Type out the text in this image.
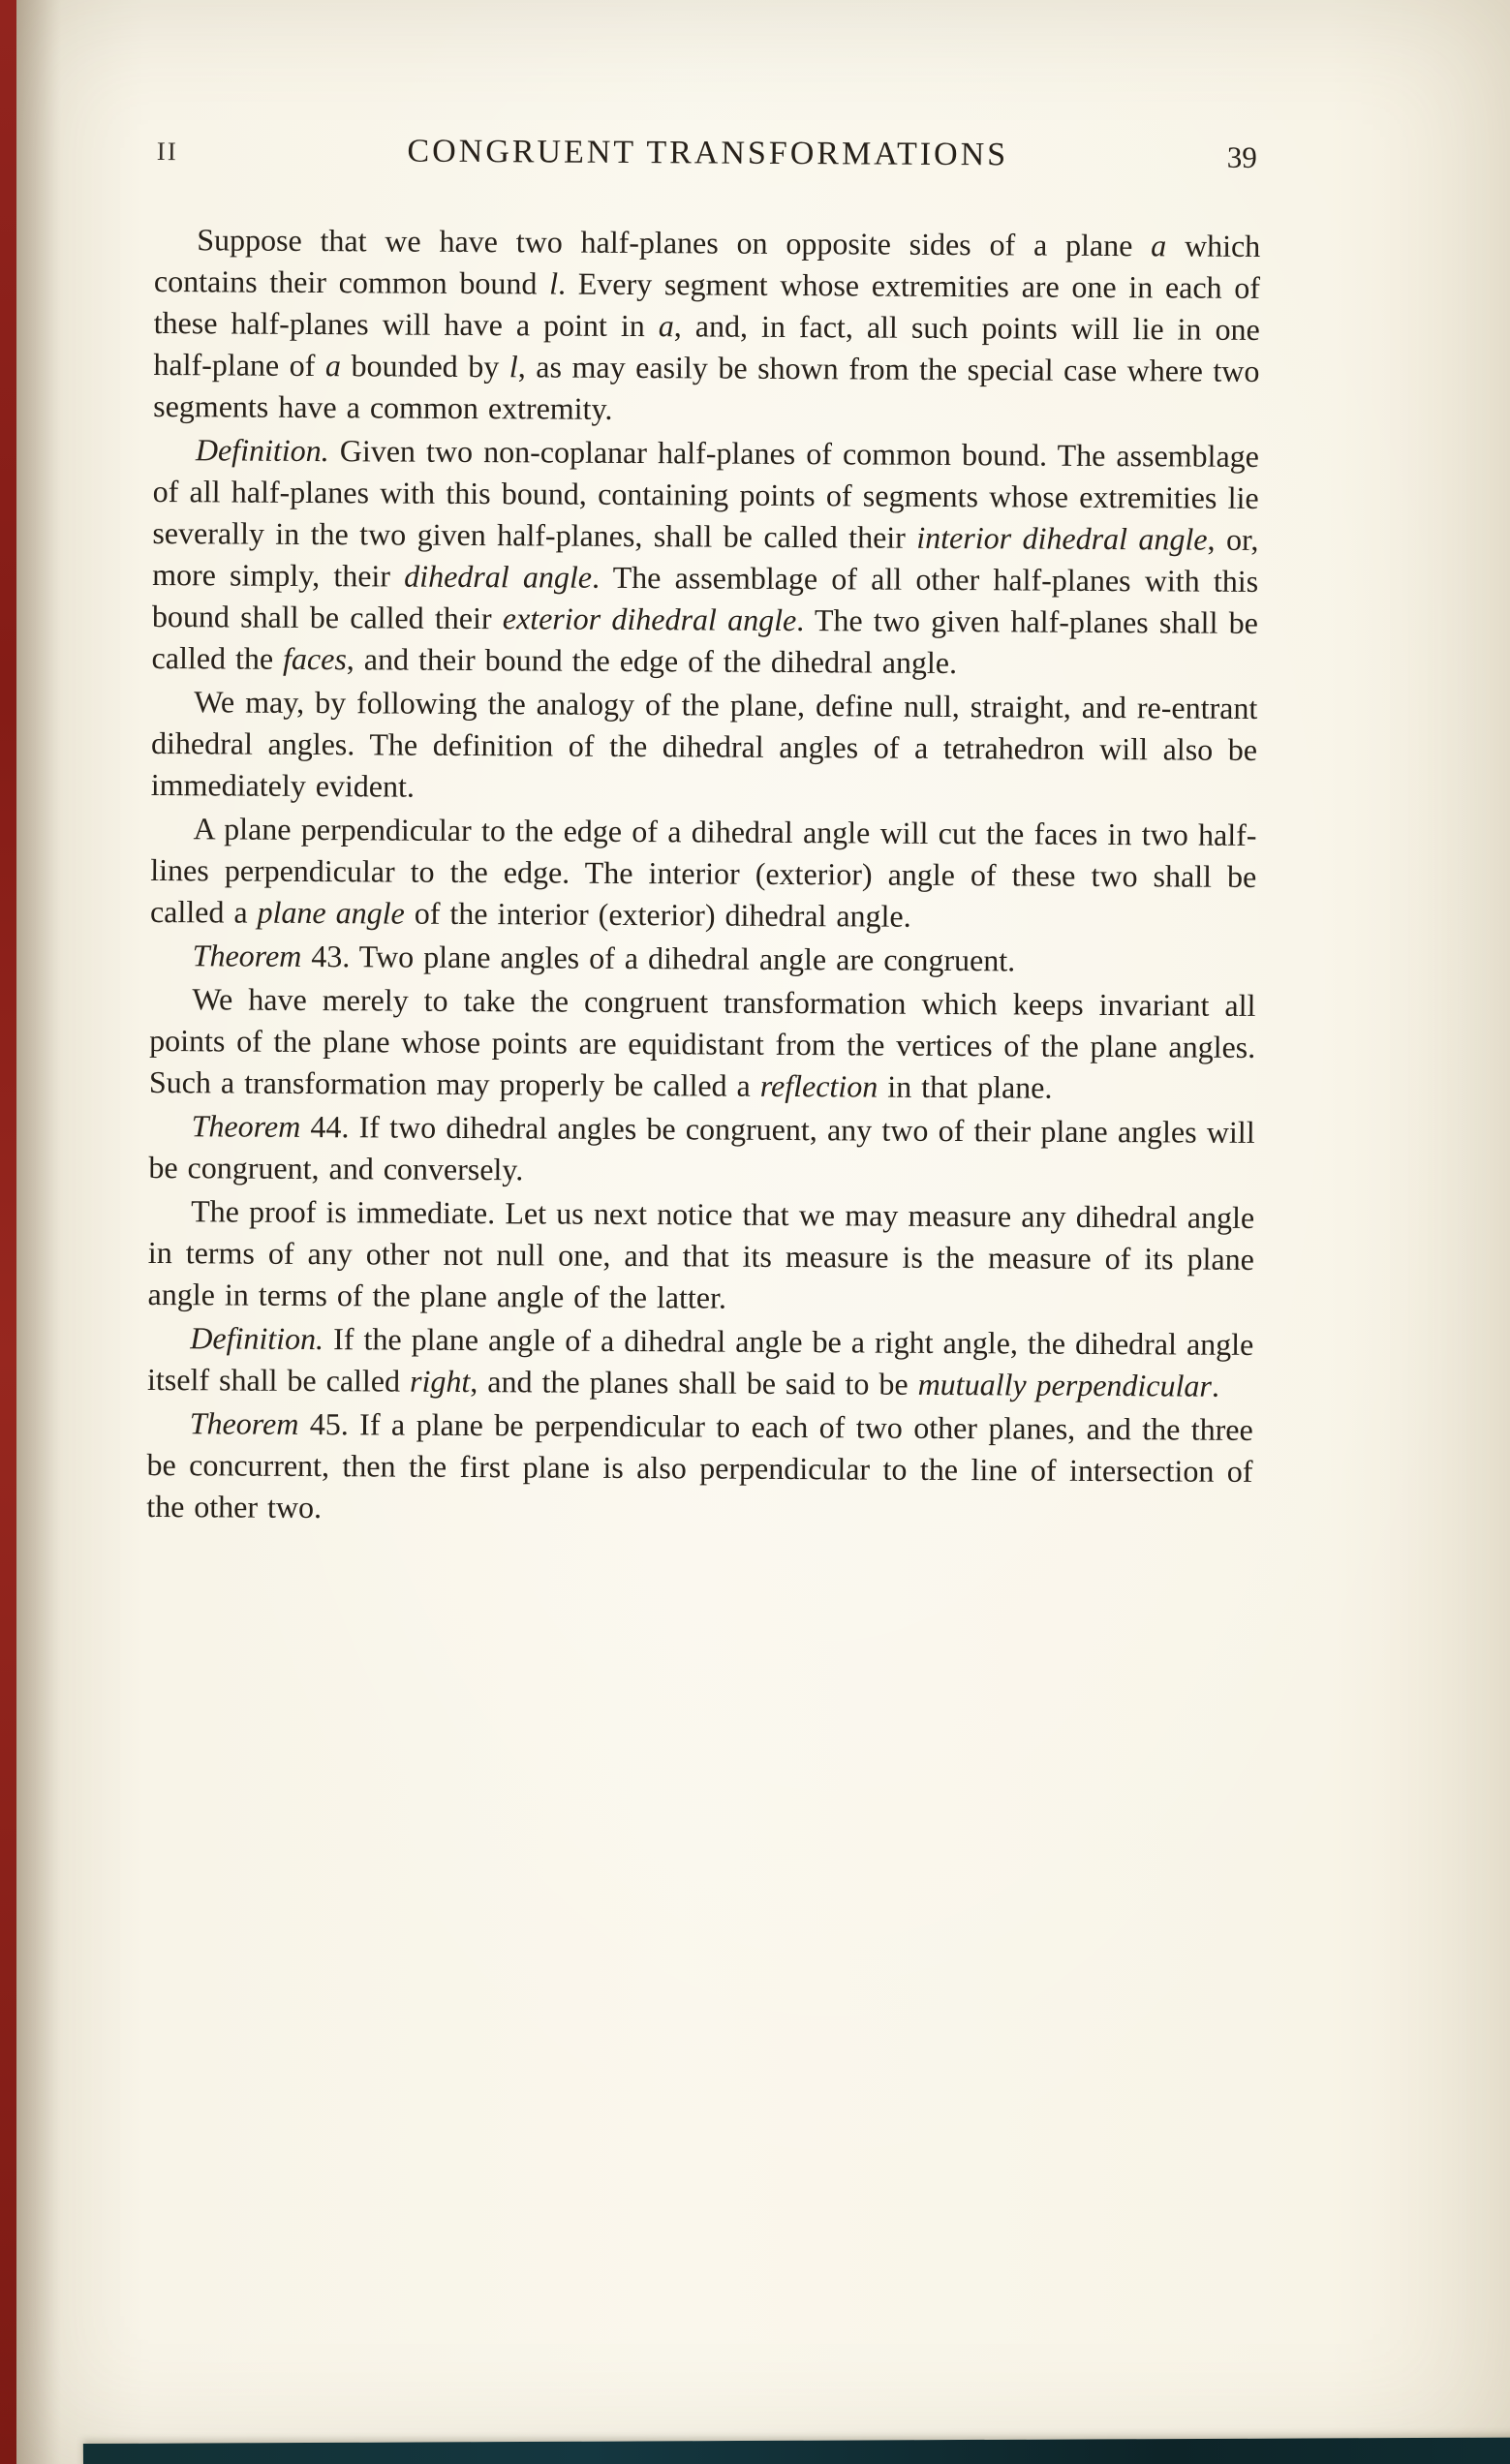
II	CONGRUENT TRANSFORMATIONS	39

Suppose that we have two half-planes on opposite sides of a plane a which contains their common bound l. Every segment whose extremities are one in each of these half-planes will have a point in a, and, in fact, all such points will lie in one half-plane of a bounded by l, as may easily be shown from the special case where two segments have a common extremity.

Definition. Given two non-coplanar half-planes of common bound. The assemblage of all half-planes with this bound, containing points of segments whose extremities lie severally in the two given half-planes, shall be called their interior dihedral angle, or, more simply, their dihedral angle. The assemblage of all other half-planes with this bound shall be called their exterior dihedral angle. The two given half-planes shall be called the faces, and their bound the edge of the dihedral angle.

We may, by following the analogy of the plane, define null, straight, and re-entrant dihedral angles. The definition of the dihedral angles of a tetrahedron will also be immediately evident.

A plane perpendicular to the edge of a dihedral angle will cut the faces in two half-lines perpendicular to the edge. The interior (exterior) angle of these two shall be called a plane angle of the interior (exterior) dihedral angle.

Theorem 43. Two plane angles of a dihedral angle are congruent.

We have merely to take the congruent transformation which keeps invariant all points of the plane whose points are equidistant from the vertices of the plane angles. Such a transformation may properly be called a reflection in that plane.

Theorem 44. If two dihedral angles be congruent, any two of their plane angles will be congruent, and conversely.

The proof is immediate. Let us next notice that we may measure any dihedral angle in terms of any other not null one, and that its measure is the measure of its plane angle in terms of the plane angle of the latter.

Definition. If the plane angle of a dihedral angle be a right angle, the dihedral angle itself shall be called right, and the planes shall be said to be mutually perpendicular.

Theorem 45. If a plane be perpendicular to each of two other planes, and the three be concurrent, then the first plane is also perpendicular to the line of intersection of the other two.
